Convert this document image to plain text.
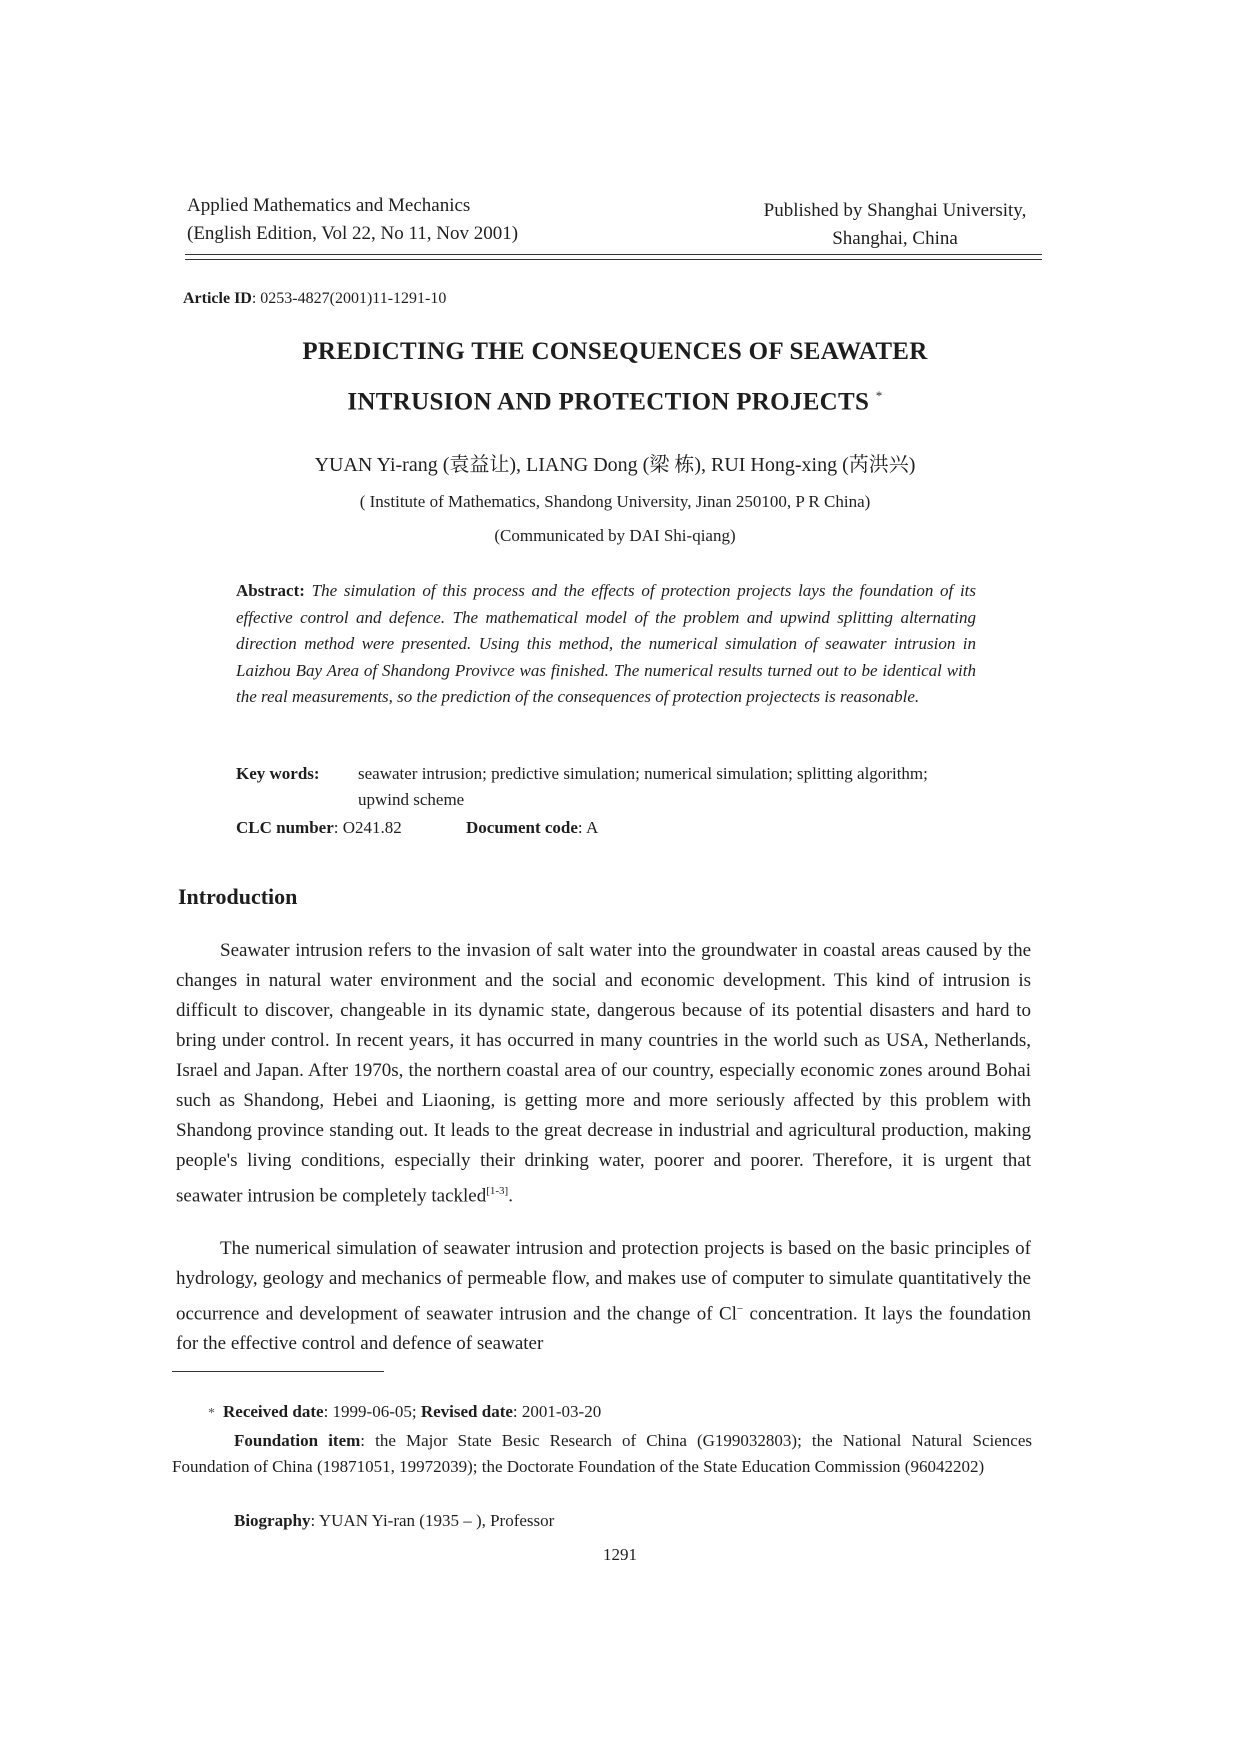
Applied Mathematics and Mechanics
(English Edition, Vol 22, No 11, Nov 2001)
Published by Shanghai University,
Shanghai, China
Article ID: 0253-4827(2001)11-1291-10
PREDICTING THE CONSEQUENCES OF SEAWATER
INTRUSION AND PROTECTION PROJECTS *
YUAN Yi-rang (袁益让), LIANG Dong (梁 栋), RUI Hong-xing (芮洪兴)
( Institute of Mathematics, Shandong University, Jinan 250100, P R China)
(Communicated by DAI Shi-qiang)
Abstract: The simulation of this process and the effects of protection projects lays the foundation of its effective control and defence. The mathematical model of the problem and upwind splitting alternating direction method were presented. Using this method, the numerical simulation of seawater intrusion in Laizhou Bay Area of Shandong Provivce was finished. The numerical results turned out to be identical with the real measurements, so the prediction of the consequences of protection projectects is reasonable.
Key words: seawater intrusion; predictive simulation; numerical simulation; splitting algorithm; upwind scheme
CLC number: O241.82	Document code: A
Introduction
Seawater intrusion refers to the invasion of salt water into the groundwater in coastal areas caused by the changes in natural water environment and the social and economic development. This kind of intrusion is difficult to discover, changeable in its dynamic state, dangerous because of its potential disasters and hard to bring under control. In recent years, it has occurred in many countries in the world such as USA, Netherlands, Israel and Japan. After 1970s, the northern coastal area of our country, especially economic zones around Bohai such as Shandong, Hebei and Liaoning, is getting more and more seriously affected by this problem with Shandong province standing out. It leads to the great decrease in industrial and agricultural production, making people's living conditions, especially their drinking water, poorer and poorer. Therefore, it is urgent that seawater intrusion be completely tackled[1-3].
The numerical simulation of seawater intrusion and protection projects is based on the basic principles of hydrology, geology and mechanics of permeable flow, and makes use of computer to simulate quantitatively the occurrence and development of seawater intrusion and the change of Cl− concentration. It lays the foundation for the effective control and defence of seawater
* Received date: 1999-06-05; Revised date: 2001-03-20
Foundation item: the Major State Besic Research of China (G199032803); the National Natural Sciences Foundation of China (19871051, 19972039); the Doctorate Foundation of the State Education Commission (96042202)
Biography: YUAN Yi-ran (1935 – ), Professor
1291
